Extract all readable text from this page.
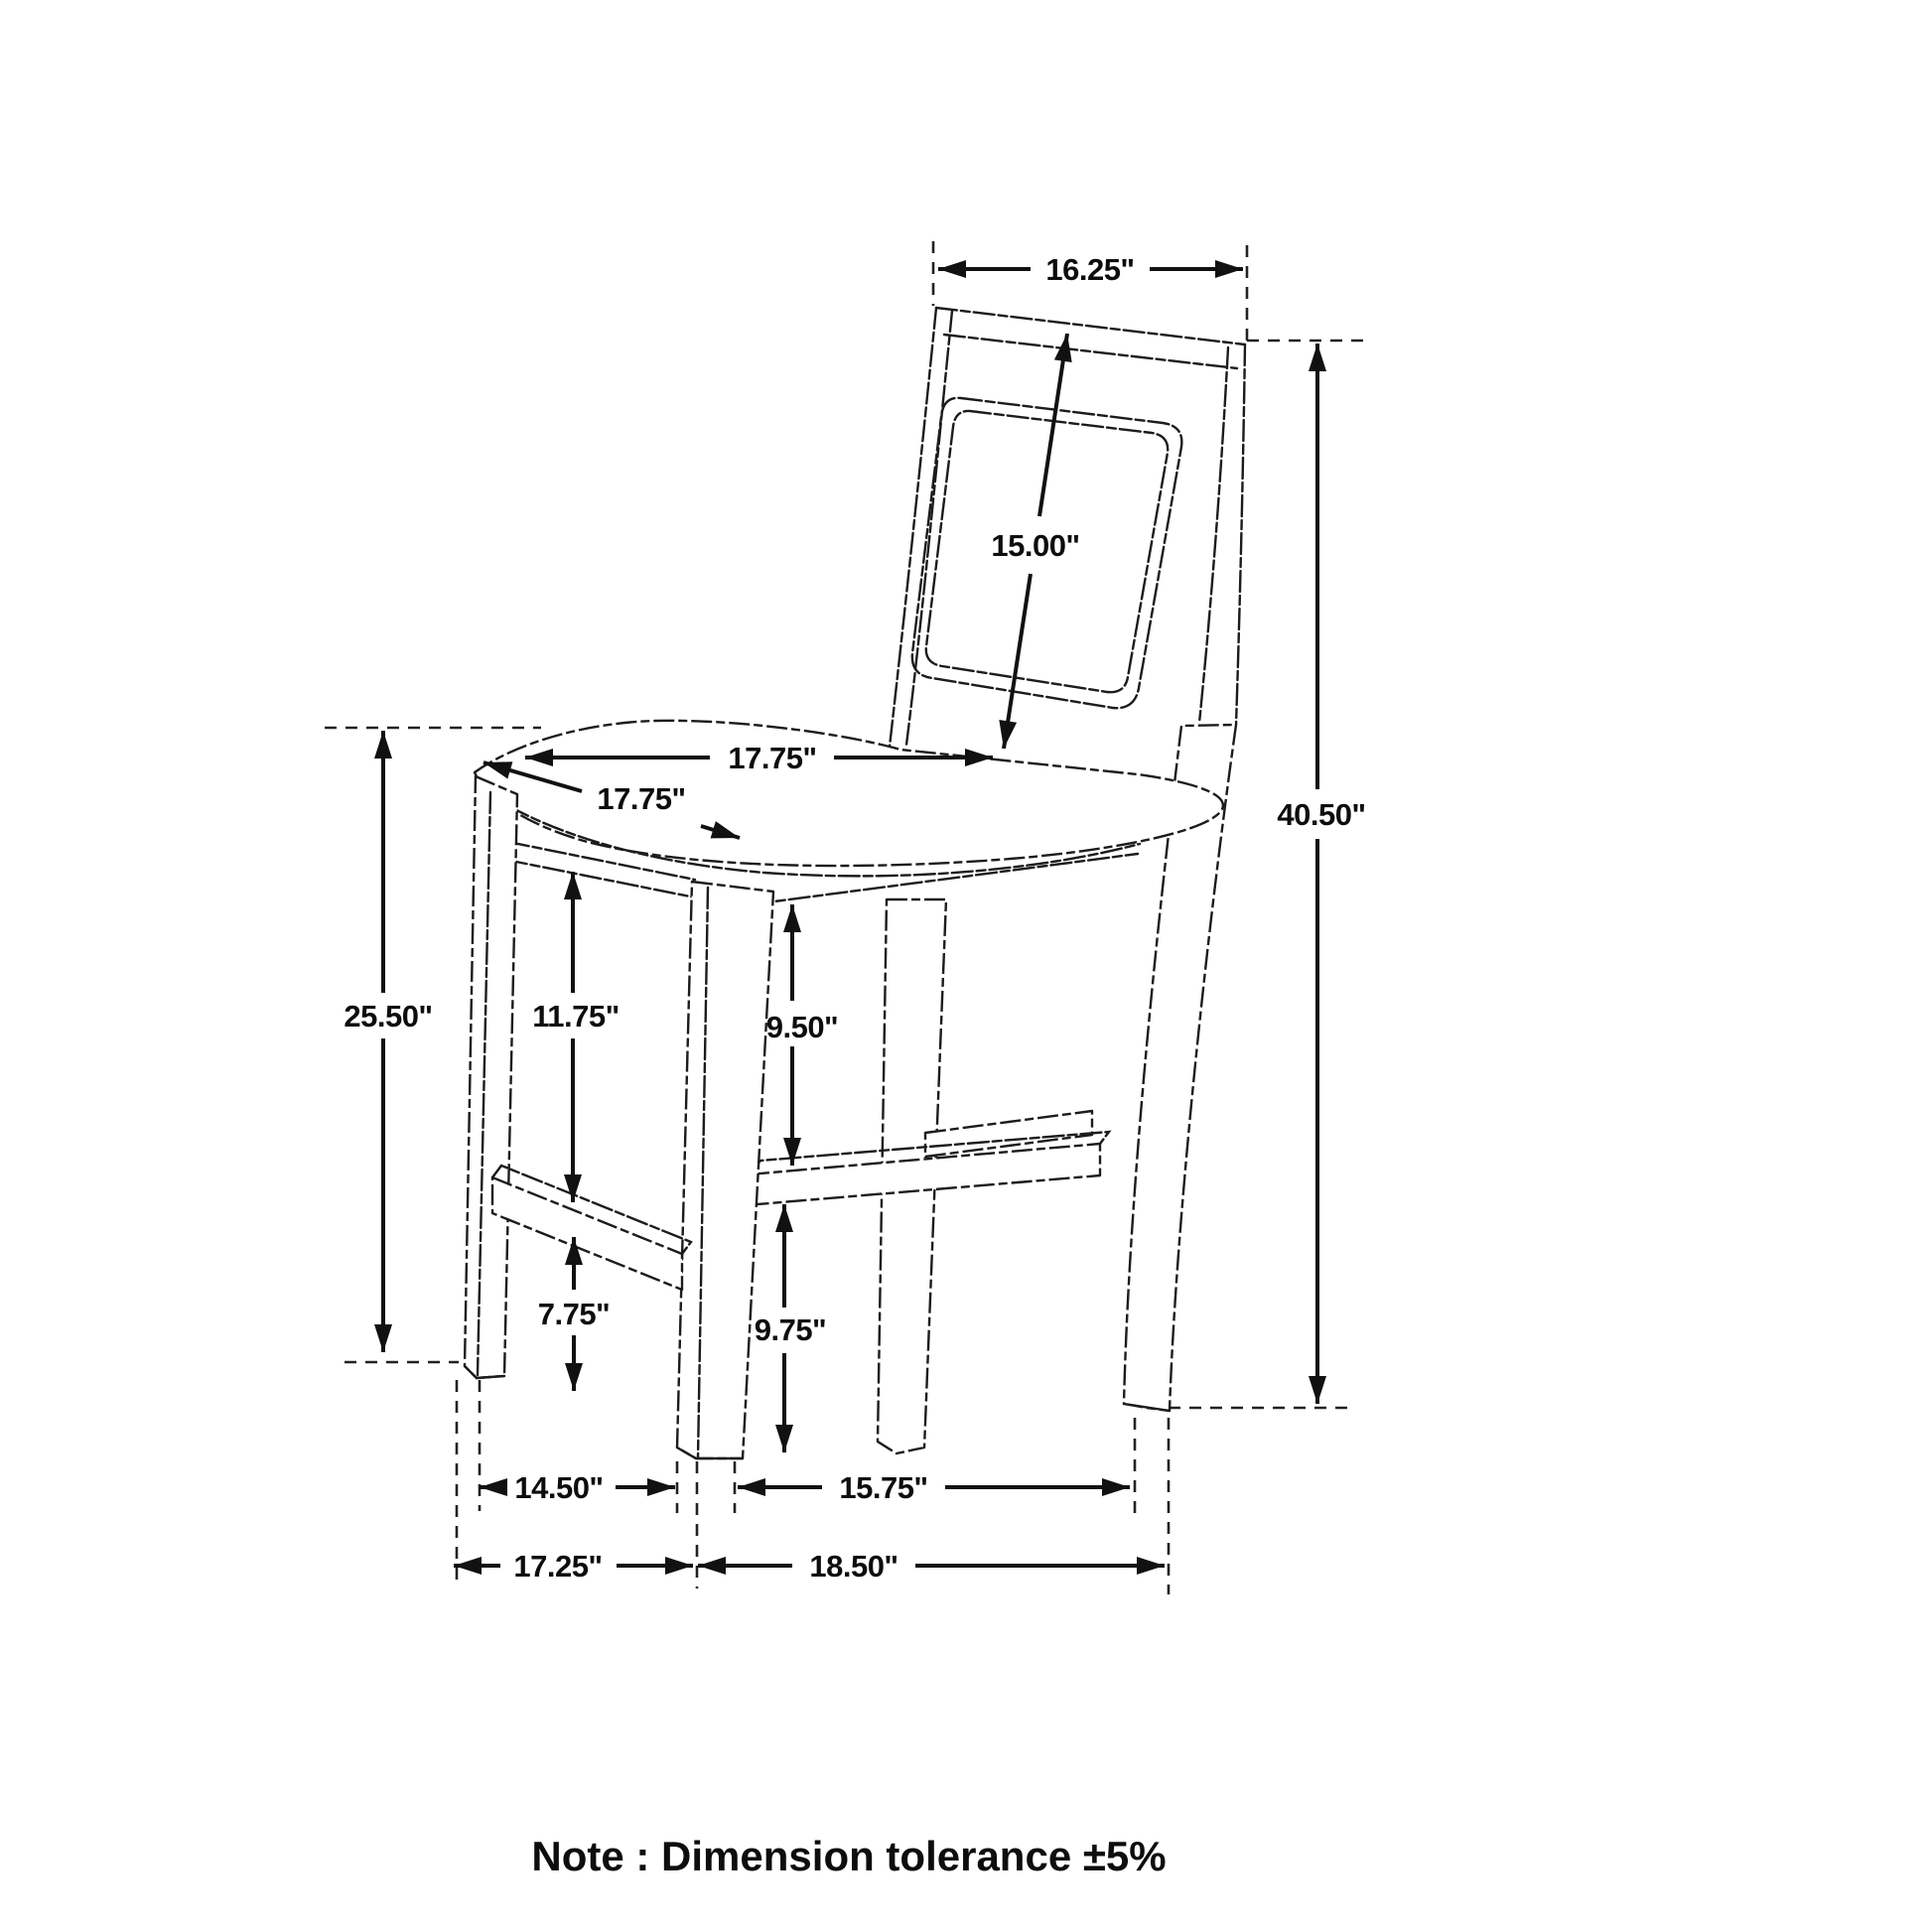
16.25"
15.00"
40.50"
17.75"
17.75"
25.50"	11.75"	9.50"
7.75"	9.75"
14.50"	15.75"
17.25"	18.50"
Note : Dimension tolerance ±5%
